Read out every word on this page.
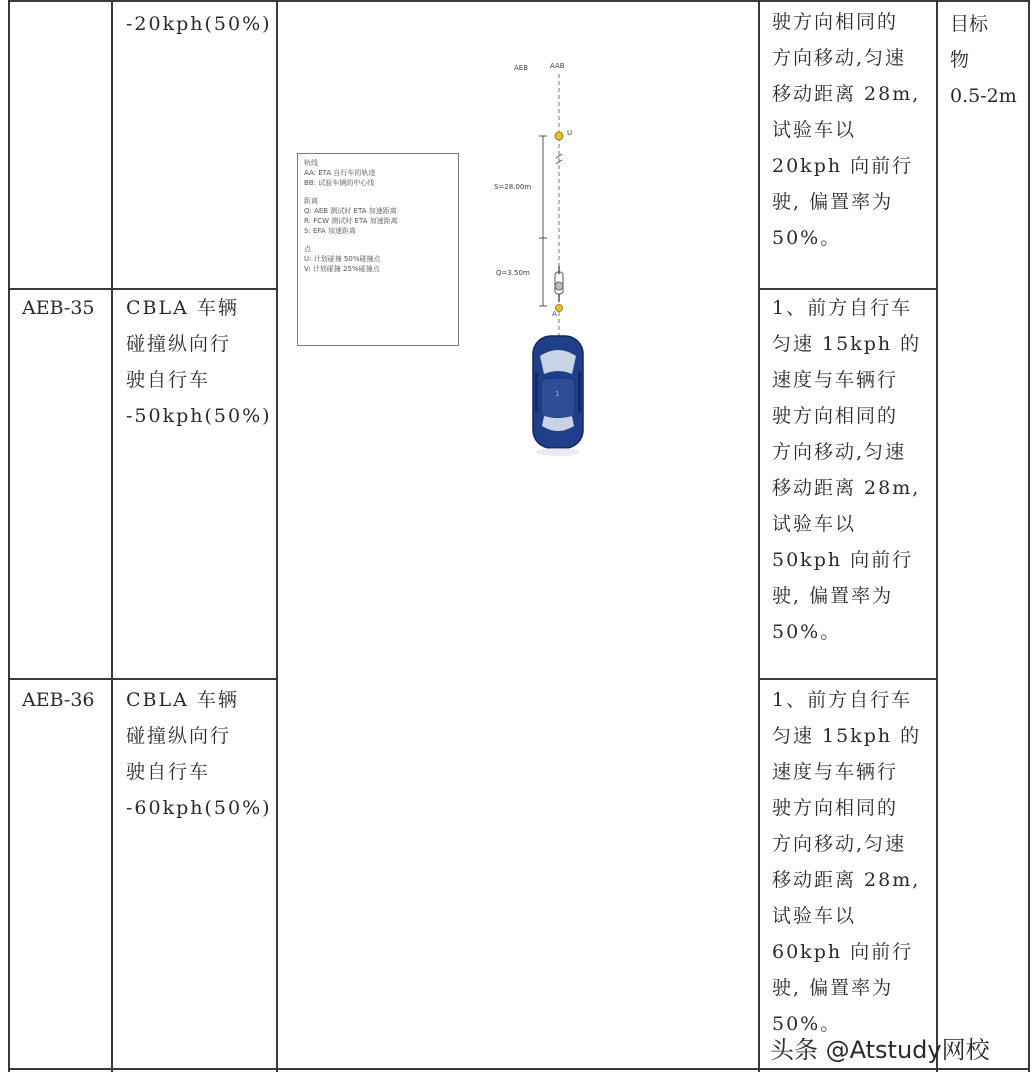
-20kph(50%)	驶方向相同的
方向移动,匀速
移动距离 28m,
试验车以
20kph 向前行
驶, 偏置率为
50%。
AEB-35 CBLA 车辆
碰撞纵向行
驶自行车
-50kph(50%)
1、前方自行车
匀速 15kph 的
速度与车辆行
驶方向相同的
方向移动,匀速
移动距离 28m,
试验车以
50kph 向前行
驶, 偏置率为
50%。
AEB-36 CBLA 车辆
碰撞纵向行
驶自行车
-60kph(50%)
1、前方自行车
匀速 15kph 的
速度与车辆行
驶方向相同的
方向移动,匀速
移动距离 28m,
试验车以
60kph 向前行
驶, 偏置率为
50%。
目标
物
0.5-2m
AEB	AAB
轨线
AA: ETA 自行车的轨迹
BB: 试验车辆的中心线
距离
Q: AEB 测试时 ETA 加速距离
R: FCW 测试时 ETA 加速距离
S: EFA 加速距离
点
U: 计划碰撞 50%碰撞点
V: 计划碰撞 25%碰撞点
S=28.00m
Q=3.50m
U
A
1
头条 @Atstudy网校
